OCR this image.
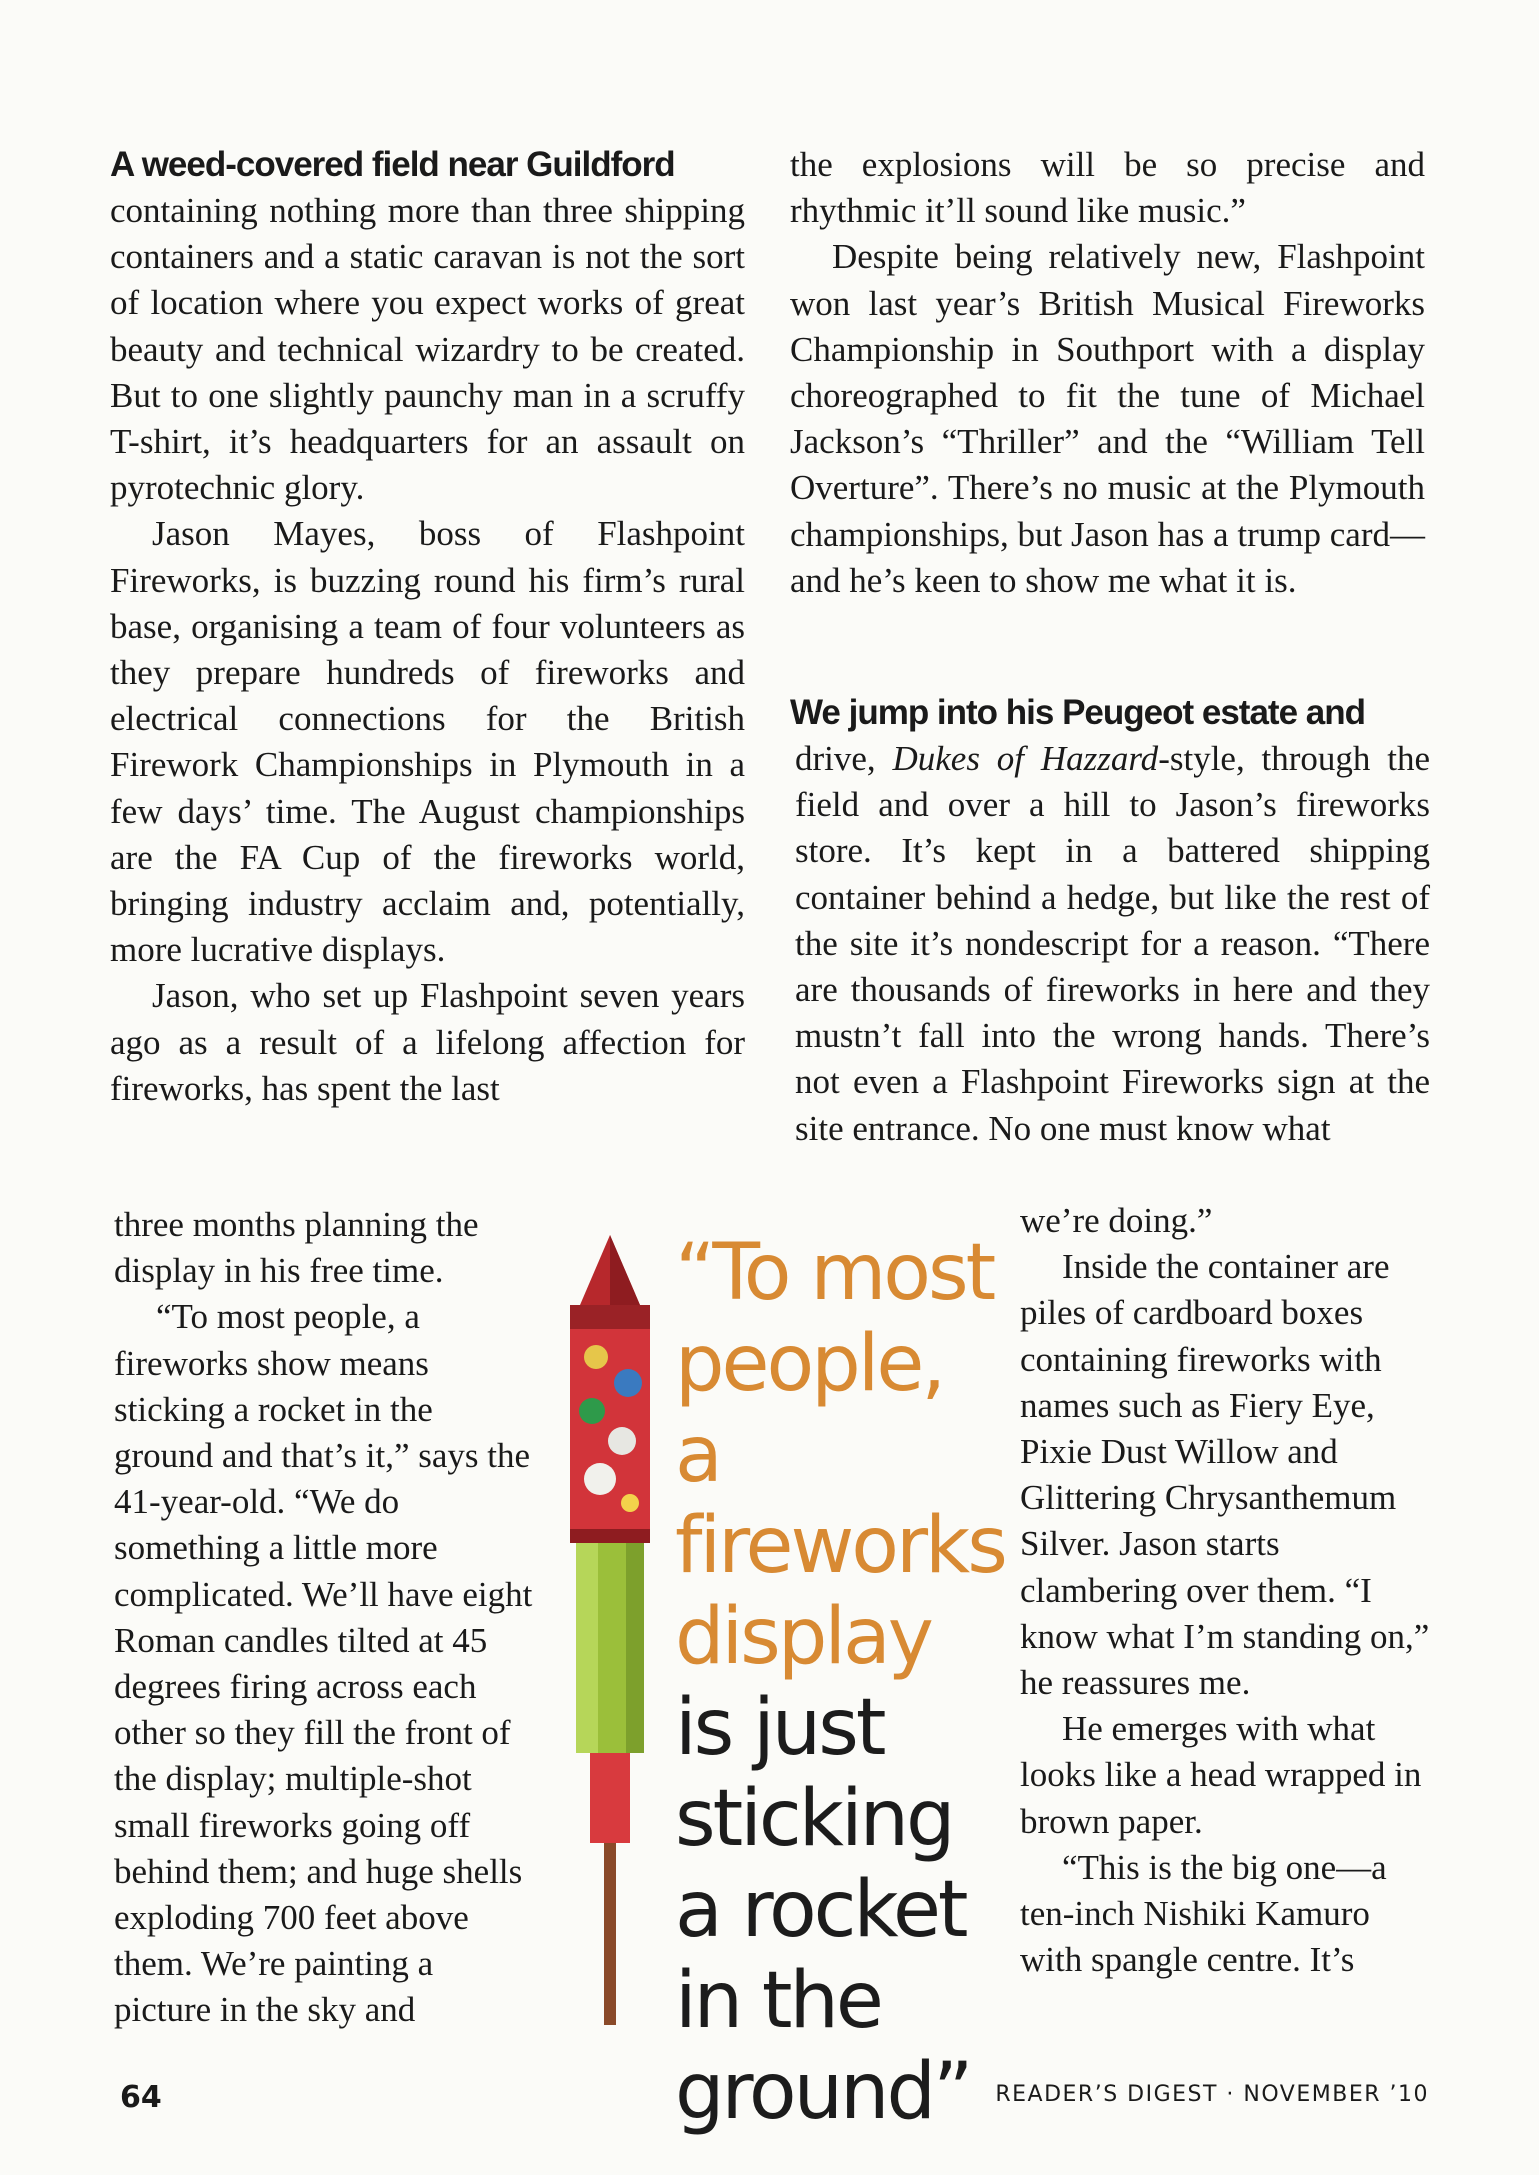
A weed-covered field near Guildford

containing nothing more than three shipping containers and a static caravan is not the sort of location where you expect works of great beauty and technical wizardry to be created. But to one slightly paunchy man in a scruffy T-shirt, it’s headquarters for an assault on pyrotechnic glory.

Jason Mayes, boss of Flashpoint Fireworks, is buzzing round his firm’s rural base, organising a team of four volunteers as they prepare hundreds of fireworks and electrical connections for the British Firework Championships in Plymouth in a few days’ time. The August championships are the FA Cup of the fireworks world, bringing industry acclaim and, potentially, more lucrative displays.

Jason, who set up Flashpoint seven years ago as a result of a lifelong affection for fireworks, has spent the last

three months planning the display in his free time.

“To most people, a fireworks show means sticking a rocket in the ground and that’s it,” says the 41-year-old. “We do something a little more complicated. We’ll have eight Roman candles tilted at 45 degrees firing across each other so they fill the front of the display; multiple-shot small fireworks going off behind them; and huge shells exploding 700 feet above them. We’re painting a picture in the sky and

“To most
people, a
fireworks
display
is just
sticking
a rocket
in the
ground”

the explosions will be so precise and rhythmic it’ll sound like music.”

Despite being relatively new, Flashpoint won last year’s British Musical Fireworks Championship in Southport with a display choreographed to fit the tune of Michael Jackson’s “Thriller” and the “William Tell Overture”. There’s no music at the Plymouth championships, but Jason has a trump card—and he’s keen to show me what it is.

We jump into his Peugeot estate and

drive, Dukes of Hazzard-style, through the field and over a hill to Jason’s fireworks store. It’s kept in a battered shipping container behind a hedge, but like the rest of the site it’s nondescript for a reason. “There are thousands of fireworks in here and they mustn’t fall into the wrong hands. There’s not even a Flashpoint Fireworks sign at the site entrance. No one must know what

we’re doing.”

Inside the container are piles of cardboard boxes containing fireworks with names such as Fiery Eye, Pixie Dust Willow and Glittering Chrysanthemum Silver. Jason starts clambering over them. “I know what I’m standing on,” he reassures me.

He emerges with what looks like a head wrapped in brown paper.

“This is the big one—a ten-inch Nishiki Kamuro with spangle centre. It’s

64	READER’S DIGEST · NOVEMBER ’10
